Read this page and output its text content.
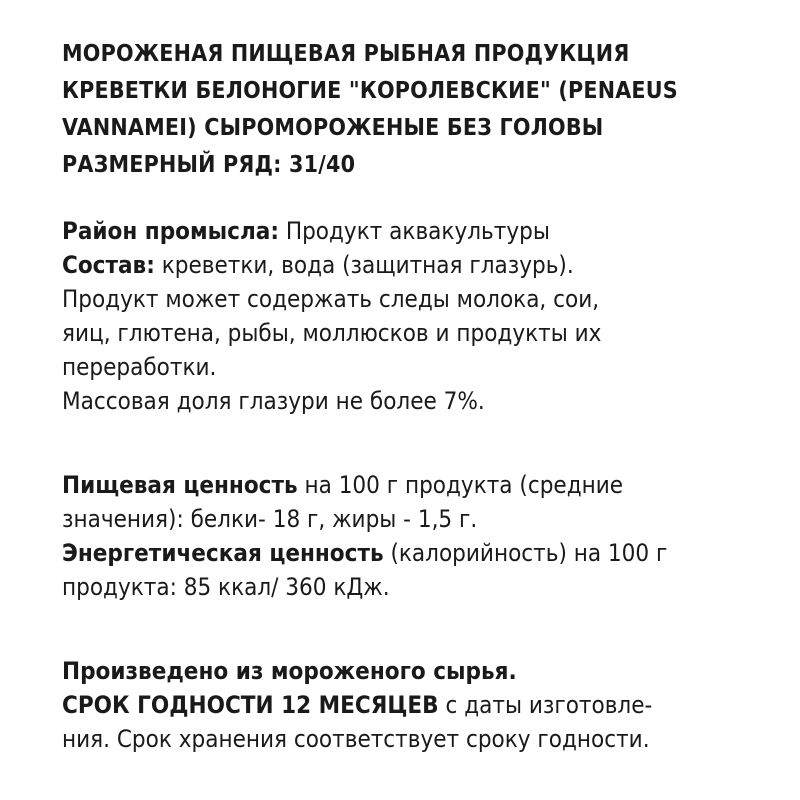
МОРОЖЕНАЯ ПИЩЕВАЯ РЫБНАЯ ПРОДУКЦИЯ
КРЕВЕТКИ БЕЛОНОГИЕ "КОРОЛЕВСКИЕ" (PENAEUS
VANNAMEI) СЫРОМОРОЖЕНЫЕ БЕЗ ГОЛОВЫ
РАЗМЕРНЫЙ РЯД: 31/40
Район промысла: Продукт аквакультуры
Состав: креветки, вода (защитная глазурь).
Продукт может содержать следы молока, сои,
яиц, глютена, рыбы, моллюсков и продукты их
переработки.
Массовая доля глазури не более 7%.
Пищевая ценность на 100 г продукта (средние
значения): белки- 18 г, жиры - 1,5 г.
Энергетическая ценность (калорийность) на 100 г
продукта: 85 ккал/ 360 кДж.
Произведено из мороженого сырья.
СРОК ГОДНОСТИ 12 МЕСЯЦЕВ с даты изготовле-
ния. Срок хранения соответствует сроку годности.
